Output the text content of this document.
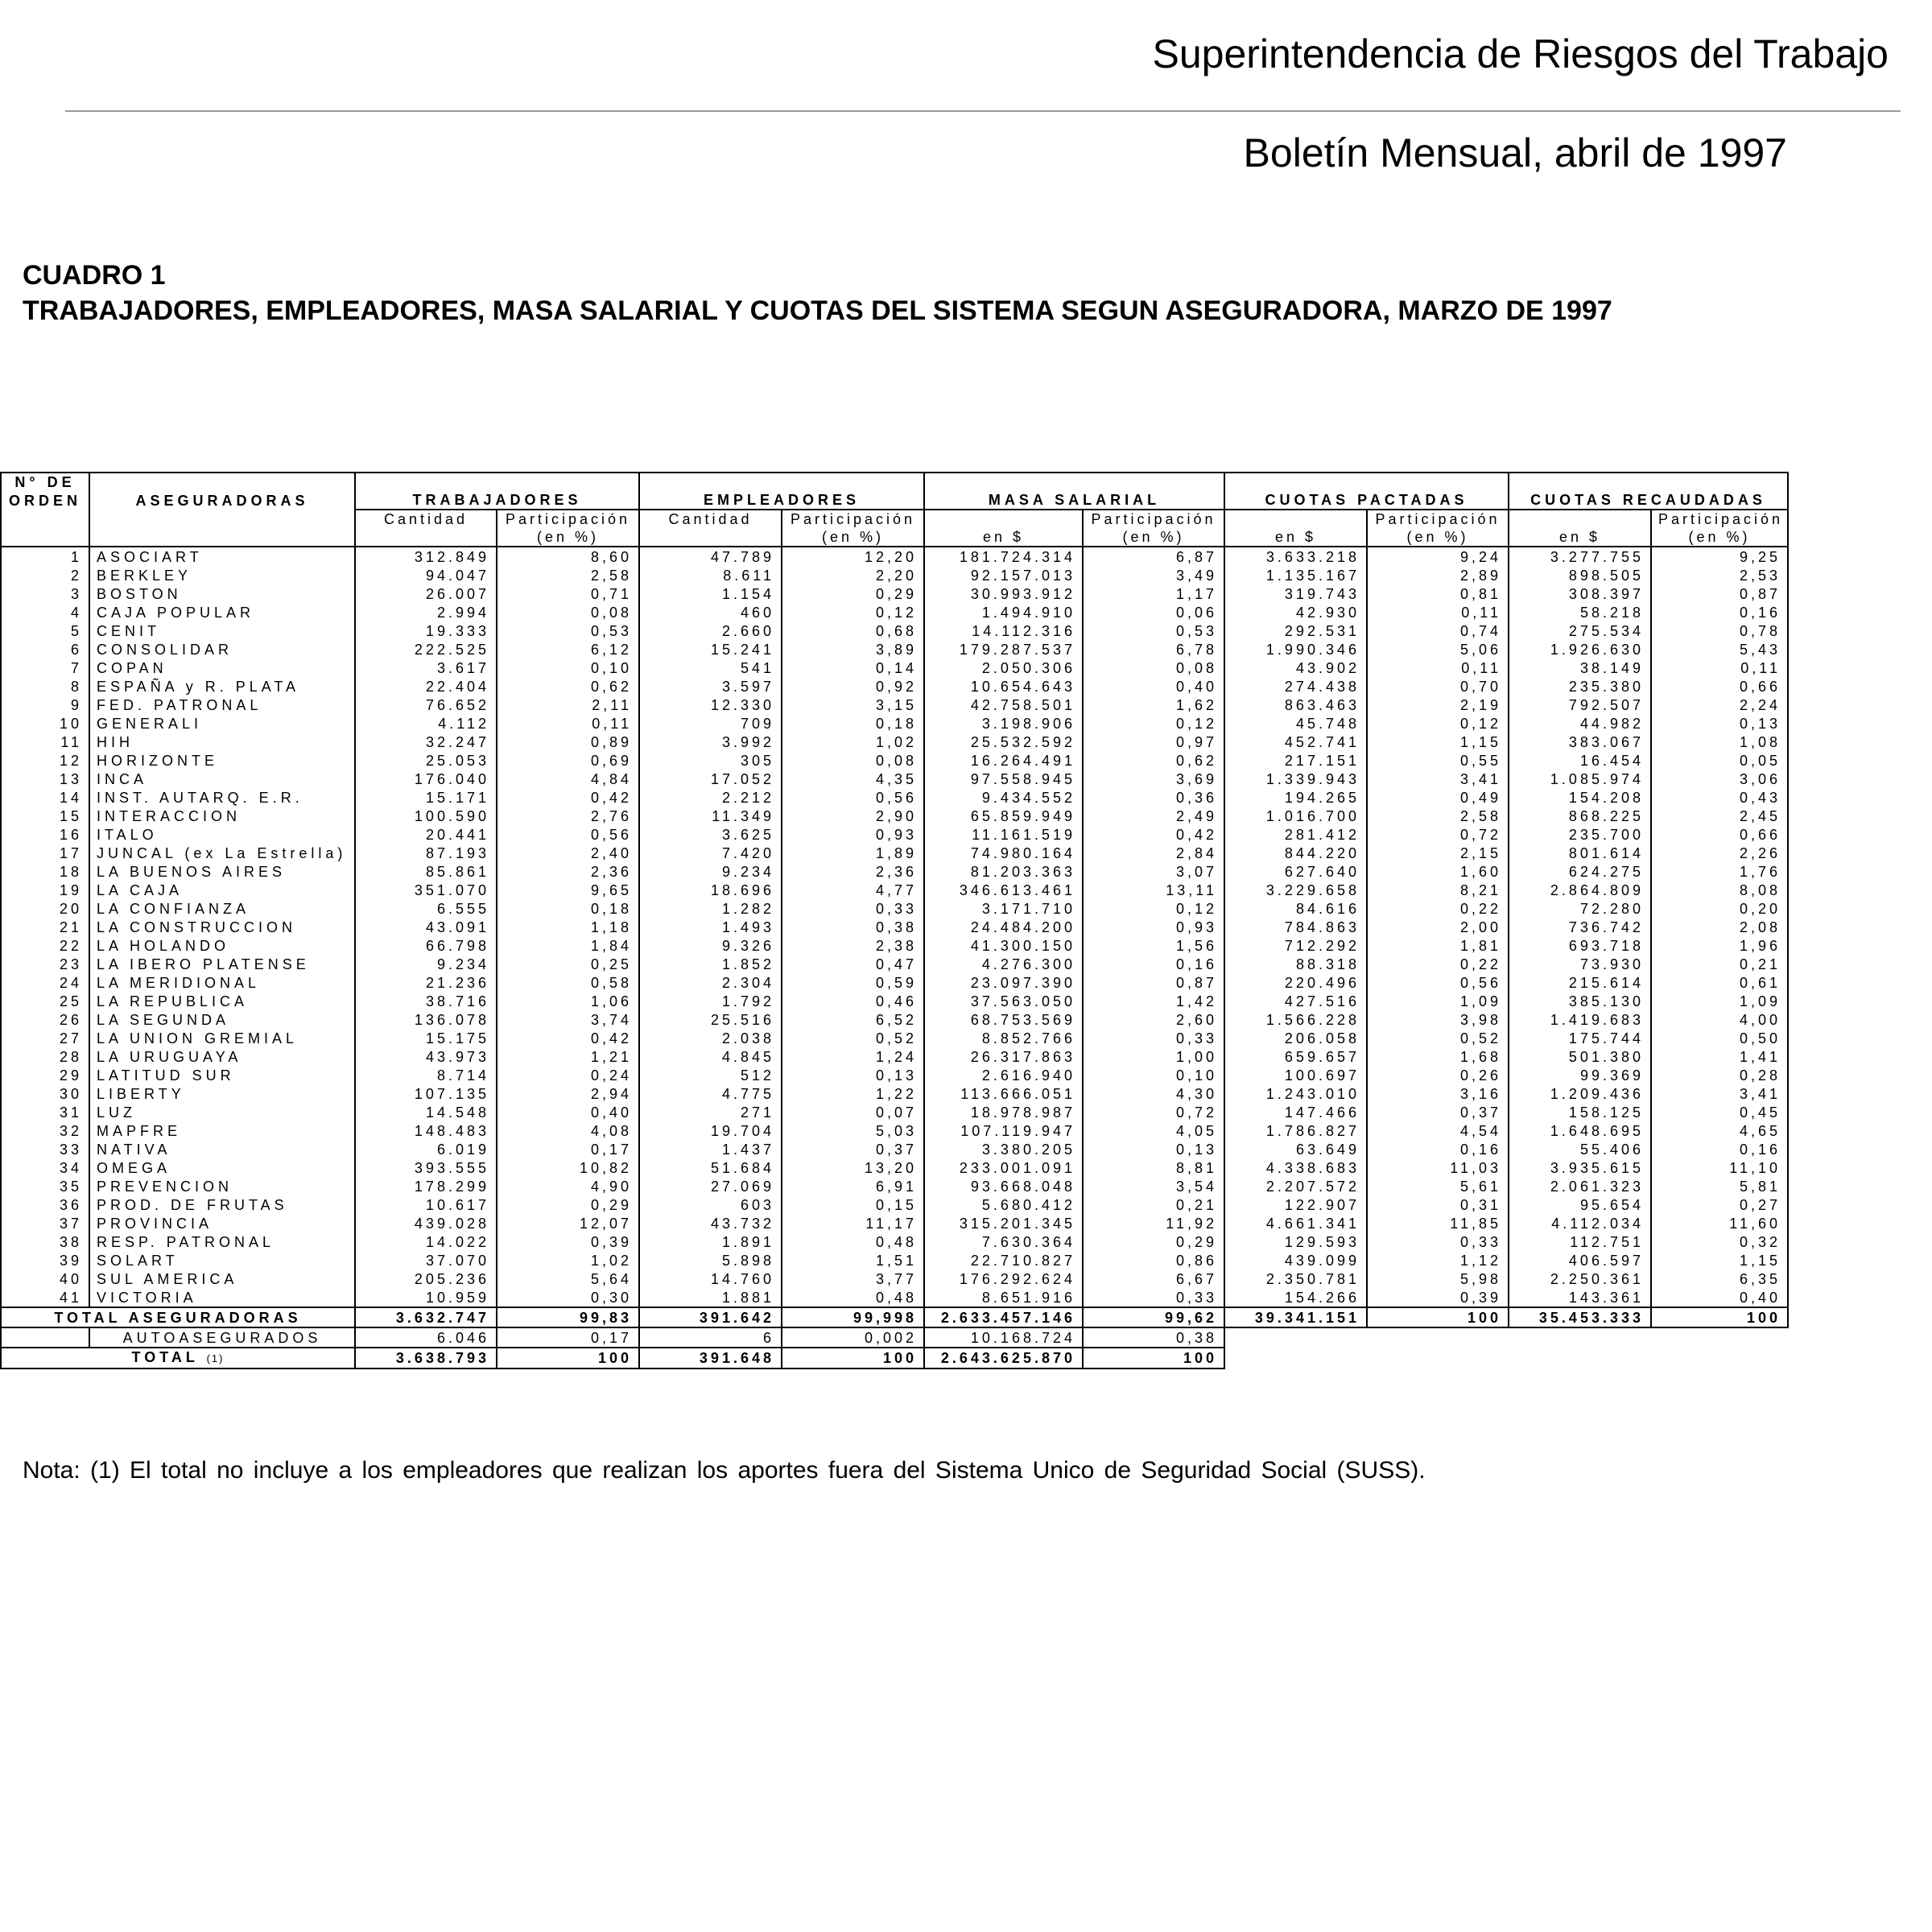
Superintendencia de Riesgos del Trabajo
Boletín Mensual, abril de 1997
CUADRO 1
TRABAJADORES, EMPLEADORES, MASA SALARIAL Y CUOTAS DEL SISTEMA SEGUN ASEGURADORA, MARZO DE 1997
N° DE											
ORDEN	ASEGURADORAS	TRABAJADORES		EMPLEADORES		MASA SALARIAL		CUOTAS PACTADAS		CUOTAS RECAUDADAS	
		Cantidad	Participación	Cantidad	Participación		Participación		Participación		Participación
			(en %)		(en %)	en $	(en %)	en $	(en %)	en $	(en %)
1	ASOCIART	312.849	8,60	47.789	12,20	181.724.314	6,87	3.633.218	9,24	3.277.755	9,25
2	BERKLEY	94.047	2,58	8.611	2,20	92.157.013	3,49	1.135.167	2,89	898.505	2,53
3	BOSTON	26.007	0,71	1.154	0,29	30.993.912	1,17	319.743	0,81	308.397	0,87
4	CAJA POPULAR	2.994	0,08	460	0,12	1.494.910	0,06	42.930	0,11	58.218	0,16
5	CENIT	19.333	0,53	2.660	0,68	14.112.316	0,53	292.531	0,74	275.534	0,78
6	CONSOLIDAR	222.525	6,12	15.241	3,89	179.287.537	6,78	1.990.346	5,06	1.926.630	5,43
7	COPAN	3.617	0,10	541	0,14	2.050.306	0,08	43.902	0,11	38.149	0,11
8	ESPAÑA y R. PLATA	22.404	0,62	3.597	0,92	10.654.643	0,40	274.438	0,70	235.380	0,66
9	FED. PATRONAL	76.652	2,11	12.330	3,15	42.758.501	1,62	863.463	2,19	792.507	2,24
10	GENERALI	4.112	0,11	709	0,18	3.198.906	0,12	45.748	0,12	44.982	0,13
11	HIH	32.247	0,89	3.992	1,02	25.532.592	0,97	452.741	1,15	383.067	1,08
12	HORIZONTE	25.053	0,69	305	0,08	16.264.491	0,62	217.151	0,55	16.454	0,05
13	INCA	176.040	4,84	17.052	4,35	97.558.945	3,69	1.339.943	3,41	1.085.974	3,06
14	INST. AUTARQ. E.R.	15.171	0,42	2.212	0,56	9.434.552	0,36	194.265	0,49	154.208	0,43
15	INTERACCION	100.590	2,76	11.349	2,90	65.859.949	2,49	1.016.700	2,58	868.225	2,45
16	ITALO	20.441	0,56	3.625	0,93	11.161.519	0,42	281.412	0,72	235.700	0,66
17	JUNCAL (ex La Estrella)	87.193	2,40	7.420	1,89	74.980.164	2,84	844.220	2,15	801.614	2,26
18	LA BUENOS AIRES	85.861	2,36	9.234	2,36	81.203.363	3,07	627.640	1,60	624.275	1,76
19	LA CAJA	351.070	9,65	18.696	4,77	346.613.461	13,11	3.229.658	8,21	2.864.809	8,08
20	LA CONFIANZA	6.555	0,18	1.282	0,33	3.171.710	0,12	84.616	0,22	72.280	0,20
21	LA CONSTRUCCION	43.091	1,18	1.493	0,38	24.484.200	0,93	784.863	2,00	736.742	2,08
22	LA HOLANDO	66.798	1,84	9.326	2,38	41.300.150	1,56	712.292	1,81	693.718	1,96
23	LA IBERO PLATENSE	9.234	0,25	1.852	0,47	4.276.300	0,16	88.318	0,22	73.930	0,21
24	LA MERIDIONAL	21.236	0,58	2.304	0,59	23.097.390	0,87	220.496	0,56	215.614	0,61
25	LA REPUBLICA	38.716	1,06	1.792	0,46	37.563.050	1,42	427.516	1,09	385.130	1,09
26	LA SEGUNDA	136.078	3,74	25.516	6,52	68.753.569	2,60	1.566.228	3,98	1.419.683	4,00
27	LA UNION GREMIAL	15.175	0,42	2.038	0,52	8.852.766	0,33	206.058	0,52	175.744	0,50
28	LA URUGUAYA	43.973	1,21	4.845	1,24	26.317.863	1,00	659.657	1,68	501.380	1,41
29	LATITUD SUR	8.714	0,24	512	0,13	2.616.940	0,10	100.697	0,26	99.369	0,28
30	LIBERTY	107.135	2,94	4.775	1,22	113.666.051	4,30	1.243.010	3,16	1.209.436	3,41
31	LUZ	14.548	0,40	271	0,07	18.978.987	0,72	147.466	0,37	158.125	0,45
32	MAPFRE	148.483	4,08	19.704	5,03	107.119.947	4,05	1.786.827	4,54	1.648.695	4,65
33	NATIVA	6.019	0,17	1.437	0,37	3.380.205	0,13	63.649	0,16	55.406	0,16
34	OMEGA	393.555	10,82	51.684	13,20	233.001.091	8,81	4.338.683	11,03	3.935.615	11,10
35	PREVENCION	178.299	4,90	27.069	6,91	93.668.048	3,54	2.207.572	5,61	2.061.323	5,81
36	PROD. DE FRUTAS	10.617	0,29	603	0,15	5.680.412	0,21	122.907	0,31	95.654	0,27
37	PROVINCIA	439.028	12,07	43.732	11,17	315.201.345	11,92	4.661.341	11,85	4.112.034	11,60
38	RESP. PATRONAL	14.022	0,39	1.891	0,48	7.630.364	0,29	129.593	0,33	112.751	0,32
39	SOLART	37.070	1,02	5.898	1,51	22.710.827	0,86	439.099	1,12	406.597	1,15
40	SUL AMERICA	205.236	5,64	14.760	3,77	176.292.624	6,67	2.350.781	5,98	2.250.361	6,35
41	VICTORIA	10.959	0,30	1.881	0,48	8.651.916	0,33	154.266	0,39	143.361	0,40
TOTAL ASEGURADORAS		3.632.747	99,83	391.642	99,998	2.633.457.146	99,62	39.341.151	100	35.453.333	100
	AUTOASEGURADOS	6.046	0,17	6	0,002	10.168.724	0,38				
TOTAL (1)		3.638.793	100	391.648	100	2.643.625.870	100				
Nota: (1) El total no incluye a los empleadores que realizan los aportes fuera del Sistema Unico de Seguridad Social (SUSS).
